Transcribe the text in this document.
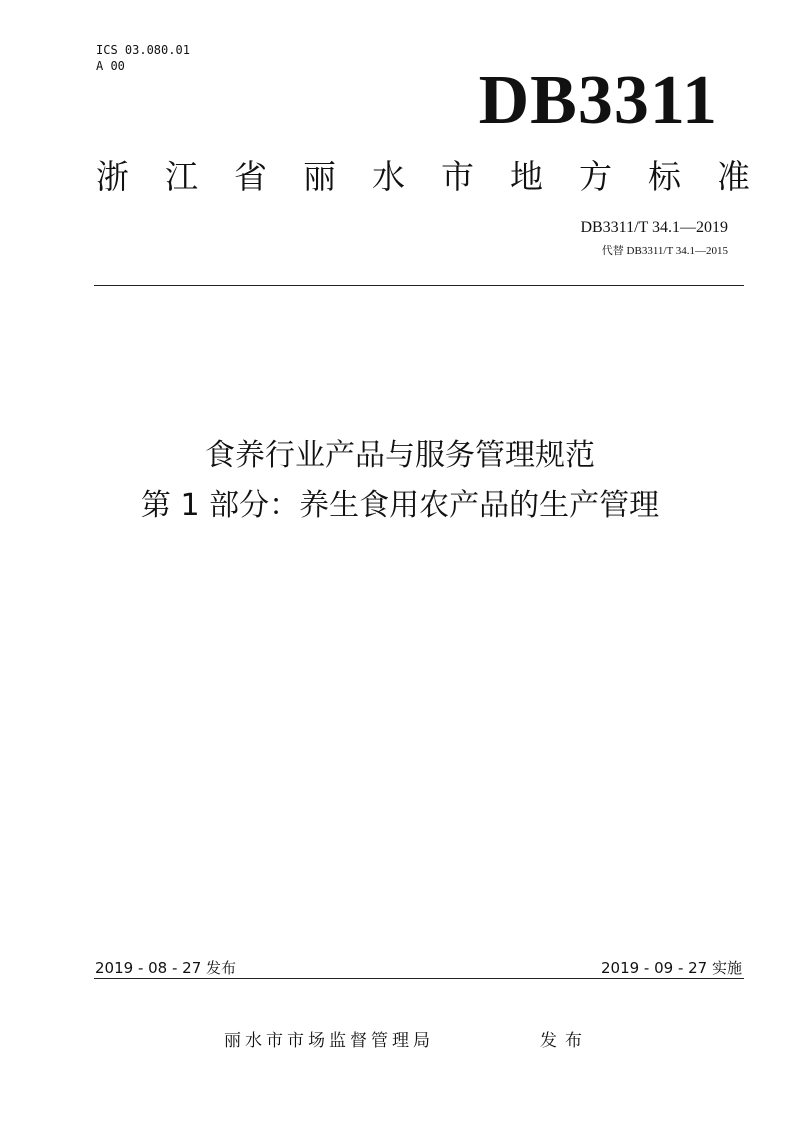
ICS 03.080.01
A 00	DB3311
浙 江 省 丽 水 市 地 方 标 准
DB3311/T 34.1—2019
代替 DB3311/T 34.1—2015
食养行业产品与服务管理规范
第 1 部分：养生食用农产品的生产管理
2019 - 08 - 27 发布	2019 - 09 - 27 实施
丽水市市场监督管理局	发布
